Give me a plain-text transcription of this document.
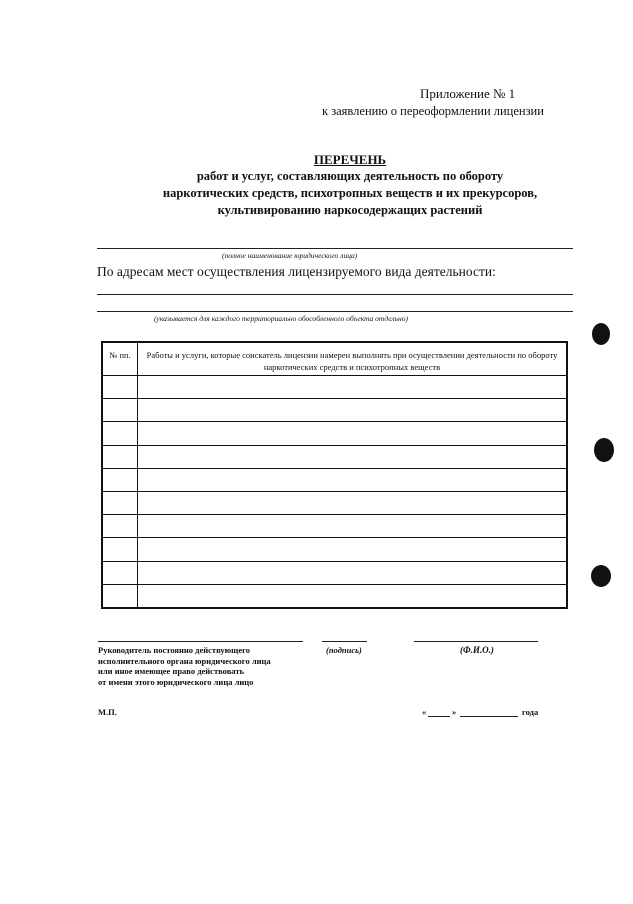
Приложение № 1
к заявлению о переоформлении лицензии
ПЕРЕЧЕНЬ
работ и услуг, составляющих деятельность по обороту
наркотических средств, психотропных веществ и их прекурсоров,
культивированию наркосодержащих растений
(полное наименование юридического лица)
По адресам мест осуществления лицензируемого вида деятельности:
(указывается для каждого территориально обособленного объекта отдельно)
№ пп.	Работы и услуги, которые соискатель лицензии намерен выполнять при осуществлении деятельности по обороту наркотических средств и психотропных веществ

Руководитель постоянно действующего
исполнительного органа юридического лица
или иное имеющее право действовать
от имени этого юридического лица лицо
(подпись)	(Ф.И.О.)
М.П.	«	»	года
